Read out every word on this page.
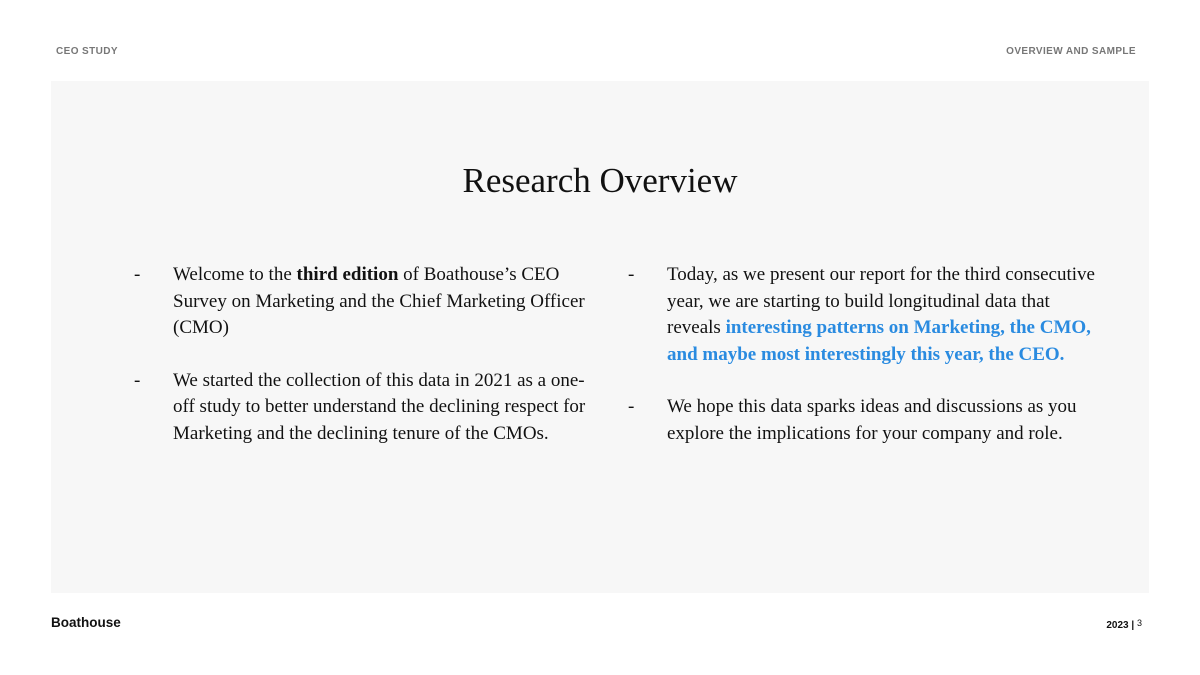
CEO STUDY	OVERVIEW AND SAMPLE
Research Overview
-	Welcome to the third edition of Boathouse’s CEO Survey on Marketing and the Chief Marketing Officer (CMO)
-	We started the collection of this data in 2021 as a one-off study to better understand the declining respect for Marketing and the declining tenure of the CMOs.
-	Today, as we present our report for the third consecutive year, we are starting to build longitudinal data that reveals interesting patterns on Marketing, the CMO, and maybe most interestingly this year, the CEO.
-	We hope this data sparks ideas and discussions as you explore the implications for your company and role.
Boathouse	2023 | 3
